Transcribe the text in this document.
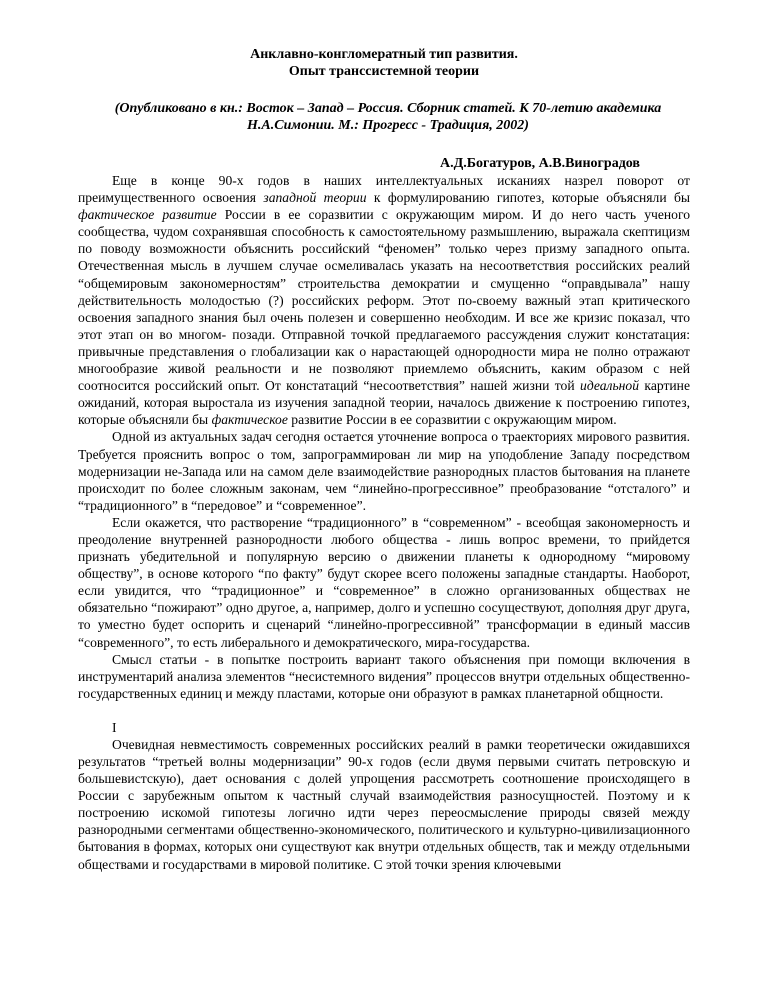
Анклавно-конгломератный тип развития.
Опыт транссистемной теории
(Опубликовано в кн.: Восток – Запад – Россия. Сборник статей. К 70-летию академика Н.А.Симонии. М.: Прогресс - Традиция, 2002)
А.Д.Богатуров, А.В.Виноградов

Еще в конце 90-х годов в наших интеллектуальных исканиях назрел поворот от преимущественного освоения западной теории к формулированию гипотез, которые объясняли бы фактическое развитие России в ее соразвитии с окружающим миром. И до него часть ученого сообщества, чудом сохранявшая способность к самостоятельному размышлению, выражала скептицизм по поводу возможности объяснить российский “феномен” только через призму западного опыта. Отечественная мысль в лучшем случае осмеливалась указать на несоответствия российских реалий “общемировым закономерностям” строительства демократии и смущенно “оправдывала” нашу действительность молодостью (?) российских реформ. Этот по-своему важный этап критического освоения западного знания был очень полезен и совершенно необходим. И все же кризис показал, что этот этап он во многом- позади. Отправной точкой предлагаемого рассуждения служит констатация: привычные представления о глобализации как о нарастающей однородности мира не полно отражают многообразие живой реальности и не позволяют приемлемо объяснить, каким образом с ней соотносится российский опыт. От констатаций “несоответствия” нашей жизни той идеальной картине ожиданий, которая выростала из изучения западной теории, началось движение к построению гипотез, которые объясняли бы фактическое развитие России в ее соразвитии с окружающим миром.

Одной из актуальных задач сегодня остается уточнение вопроса о траекториях мирового развития. Требуется прояснить вопрос о том, запрограммирован ли мир на уподобление Западу посредством модернизации не-Запада или на самом деле взаимодействие разнородных пластов бытования на планете происходит по более сложным законам, чем “линейно-прогрессивное” преобразование “отсталого” и “традиционного” в “передовое” и “современное”.

Если окажется, что растворение “традиционного” в “современном” - всеобщая закономерность и преодоление внутренней разнородности любого общества - лишь вопрос времени, то прийдется признать убедительной и популярную версию о движении планеты к однородному “мировому обществу”, в основе которого “по факту” будут скорее всего положены западные стандарты. Наоборот, если увидится, что “традиционное” и “современное” в сложно организованных обществах не обязательно “пожирают” одно другое, а, например, долго и успешно сосуществуют, дополняя друг друга, то уместно будет оспорить и сценарий “линейно-прогрессивной” трансформации в единый массив “современного”, то есть либерального и демократического, мира-государства.

Смысл статьи - в попытке построить вариант такого объяснения при помощи включения в инструментарий анализа элементов “несистемного видения” процессов внутри отдельных общественно-государственных единиц и между пластами, которые они образуют в рамках планетарной общности.

I

Очевидная невместимость современных российских реалий в рамки теоретически ожидавшихся результатов “третьей волны модернизации” 90-х годов (если двумя первыми считать петровскую и большевистскую), дает основания с долей упрощения рассмотреть соотношение происходящего в России с зарубежным опытом к частный случай взаимодействия разносущностей. Поэтому и к построению искомой гипотезы логично идти через переосмысление природы связей между разнородными сегментами общественно-экономического, политического и культурно-цивилизационного бытования в формах, которых они существуют как внутри отдельных обществ, так и между отдельными обществами и государствами в мировой политике. С этой точки зрения ключевыми
